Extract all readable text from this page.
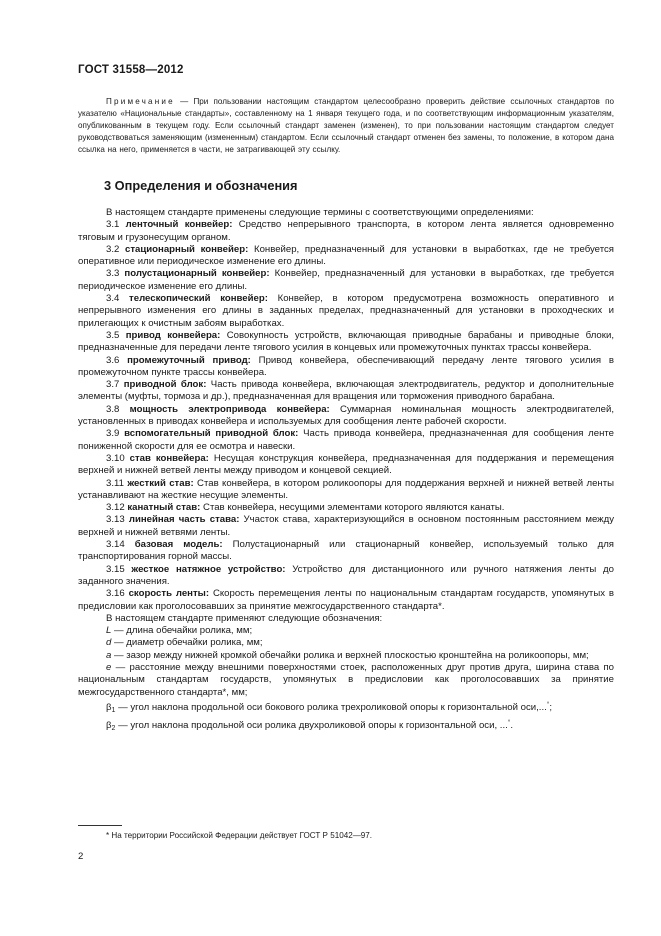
ГОСТ 31558—2012

Примечание — При пользовании настоящим стандартом целесообразно проверить действие ссылочных стандартов по указателю «Национальные стандарты», составленному на 1 января текущего года, и по соответствующим информационным указателям, опубликованным в текущем году. Если ссылочный стандарт заменен (изменен), то при пользовании настоящим стандартом следует руководствоваться заменяющим (измененным) стандартом. Если ссылочный стандарт отменен без замены, то положение, в котором дана ссылка на него, применяется в части, не затрагивающей эту ссылку.

3 Определения и обозначения

В настоящем стандарте применены следующие термины с соответствующими определениями:

3.1 ленточный конвейер: Средство непрерывного транспорта, в котором лента является одновременно тяговым и грузонесущим органом.

3.2 стационарный конвейер: Конвейер, предназначенный для установки в выработках, где не требуется оперативное или периодическое изменение его длины.

3.3 полустационарный конвейер: Конвейер, предназначенный для установки в выработках, где требуется периодическое изменение его длины.

3.4 телескопический конвейер: Конвейер, в котором предусмотрена возможность оперативного и непрерывного изменения его длины в заданных пределах, предназначенный для установки в проходческих и прилегающих к очистным забоям выработках.

3.5 привод конвейера: Совокупность устройств, включающая приводные барабаны и приводные блоки, предназначенные для передачи ленте тягового усилия в концевых или промежуточных пунктах трассы конвейера.

3.6 промежуточный привод: Привод конвейера, обеспечивающий передачу ленте тягового усилия в промежуточном пункте трассы конвейера.

3.7 приводной блок: Часть привода конвейера, включающая электродвигатель, редуктор и дополнительные элементы (муфты, тормоза и др.), предназначенная для вращения или торможения приводного барабана.

3.8 мощность электропривода конвейера: Суммарная номинальная мощность электродвигателей, установленных в приводах конвейера и используемых для сообщения ленте рабочей скорости.

3.9 вспомогательный приводной блок: Часть привода конвейера, предназначенная для сообщения ленте пониженной скорости для ее осмотра и навески.

3.10 став конвейера: Несущая конструкция конвейера, предназначенная для поддержания и перемещения верхней и нижней ветвей ленты между приводом и концевой секцией.

3.11 жесткий став: Став конвейера, в котором роликоопоры для поддержания верхней и нижней ветвей ленты устанавливают на жесткие несущие элементы.

3.12 канатный став: Став конвейера, несущими элементами которого являются канаты.

3.13 линейная часть става: Участок става, характеризующийся в основном постоянным расстоянием между верхней и нижней ветвями ленты.

3.14 базовая модель: Полустационарный или стационарный конвейер, используемый только для транспортирования горной массы.

3.15 жесткое натяжное устройство: Устройство для дистанционного или ручного натяжения ленты до заданного значения.

3.16 скорость ленты: Скорость перемещения ленты по национальным стандартам государств, упомянутых в предисловии как проголосовавших за принятие межгосударственного стандарта*.

В настоящем стандарте применяют следующие обозначения:

L — длина обечайки ролика, мм;

d — диаметр обечайки ролика, мм;

a — зазор между нижней кромкой обечайки ролика и верхней плоскостью кронштейна на роликоопоры, мм;

e — расстояние между внешними поверхностями стоек, расположенных друг против друга, ширина става по национальным стандартам государств, упомянутых в предисловии как проголосовавших за принятие межгосударственного стандарта*, мм;

$\beta_1$ — угол наклона продольной оси бокового ролика трехроликовой опоры к горизонтальной оси,...°;

$\beta_2$ — угол наклона продольной оси ролика двухроликовой опоры к горизонтальной оси, ...°.

* На территории Российской Федерации действует ГОСТ Р 51042—97.
2
